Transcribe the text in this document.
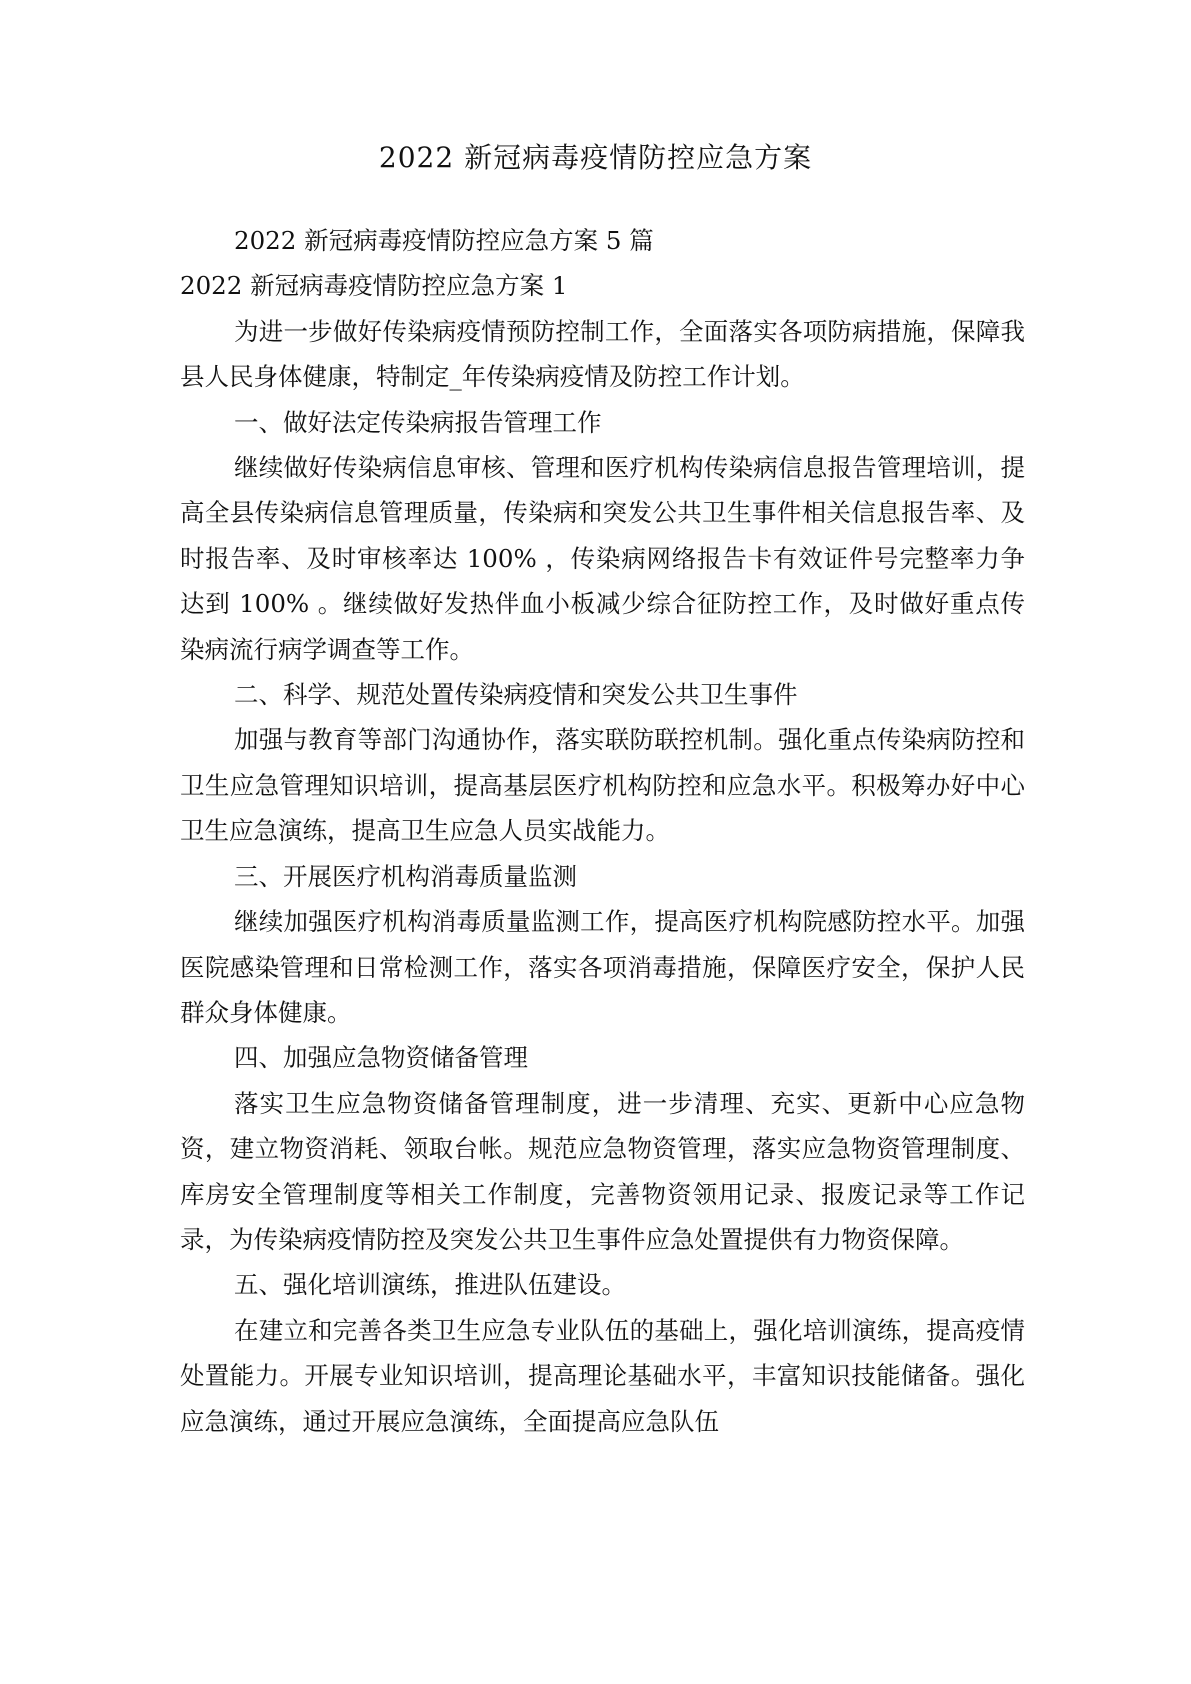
2022 新冠病毒疫情防控应急方案

2022 新冠病毒疫情防控应急方案 5 篇

2022 新冠病毒疫情防控应急方案 1

为进一步做好传染病疫情预防控制工作，全面落实各项防病措施，保障我县人民身体健康，特制定_年传染病疫情及防控工作计划。

一、做好法定传染病报告管理工作

继续做好传染病信息审核、管理和医疗机构传染病信息报告管理培训，提高全县传染病信息管理质量，传染病和突发公共卫生事件相关信息报告率、及时报告率、及时审核率达 100% ，传染病网络报告卡有效证件号完整率力争达到 100% 。继续做好发热伴血小板减少综合征防控工作，及时做好重点传染病流行病学调查等工作。

二、科学、规范处置传染病疫情和突发公共卫生事件

加强与教育等部门沟通协作，落实联防联控机制。强化重点传染病防控和卫生应急管理知识培训，提高基层医疗机构防控和应急水平。积极筹办好中心卫生应急演练，提高卫生应急人员实战能力。

三、开展医疗机构消毒质量监测

继续加强医疗机构消毒质量监测工作，提高医疗机构院感防控水平。加强医院感染管理和日常检测工作，落实各项消毒措施，保障医疗安全，保护人民群众身体健康。

四、加强应急物资储备管理

落实卫生应急物资储备管理制度，进一步清理、充实、更新中心应急物资，建立物资消耗、领取台帐。规范应急物资管理，落实应急物资管理制度、库房安全管理制度等相关工作制度，完善物资领用记录、报废记录等工作记录，为传染病疫情防控及突发公共卫生事件应急处置提供有力物资保障。

五、强化培训演练，推进队伍建设。

在建立和完善各类卫生应急专业队伍的基础上，强化培训演练，提高疫情处置能力。开展专业知识培训，提高理论基础水平，丰富知识技能储备。强化应急演练，通过开展应急演练，全面提高应急队伍
